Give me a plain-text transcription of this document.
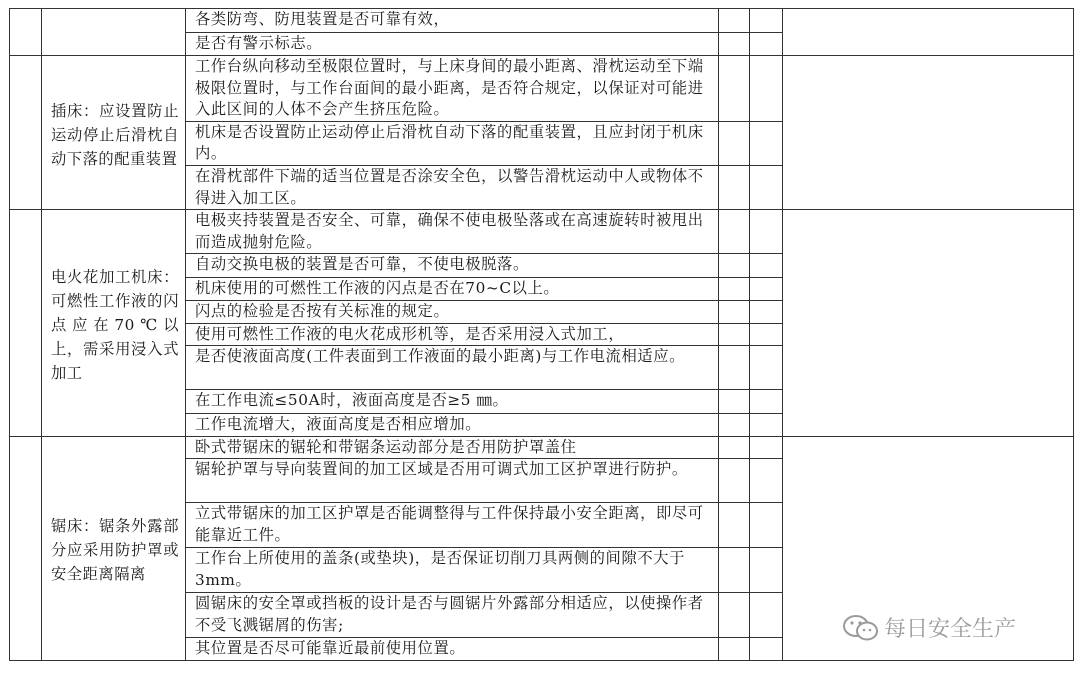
		各类防弯、防甩装置是否可靠有效，			
		是否有警示标志。			
	插床：应设置防止运动停止后滑枕自动下落的配重装置	工作台纵向移动至极限位置时，与上床身间的最小距离、滑枕运动至下端极限位置时，与工作台面间的最小距离，是否符合规定，以保证对可能进入此区间的人体不会产生挤压危险。			
		机床是否设置防止运动停止后滑枕自动下落的配重装置，且应封闭于机床内。			
		在滑枕部件下端的适当位置是否涂安全色，以警告滑枕运动中人或物体不得进入加工区。			
	电火花加工机床：可燃性工作液的闪点应在70℃以上，需采用浸入式加工	电极夹持装置是否安全、可靠，确保不使电极坠落或在高速旋转时被甩出而造成抛射危险。			
		自动交换电极的装置是否可靠，不使电极脱落。			
		机床使用的可燃性工作液的闪点是否在70~C以上。			
		闪点的检验是否按有关标准的规定。			
		使用可燃性工作液的电火花成形机等，是否采用浸入式加工，			
		是否使液面高度(工件表面到工作液面的最小距离)与工作电流相适应。			
		在工作电流≤50A时，液面高度是否≥5 ㎜。			
		工作电流增大，液面高度是否相应增加。			
	锯床：锯条外露部分应采用防护罩或安全距离隔离	卧式带锯床的锯轮和带锯条运动部分是否用防护罩盖住			
		锯轮护罩与导向装置间的加工区域是否用可调式加工区护罩进行防护。			
		立式带锯床的加工区护罩是否能调整得与工件保持最小安全距离，即尽可能靠近工件。			
		工作台上所使用的盖条(或垫块)，是否保证切削刀具两侧的间隙不大于3mm。			
		圆锯床的安全罩或挡板的设计是否与圆锯片外露部分相适应，以使操作者不受飞溅锯屑的伤害;			
		其位置是否尽可能靠近最前使用位置。			
每日安全生产
